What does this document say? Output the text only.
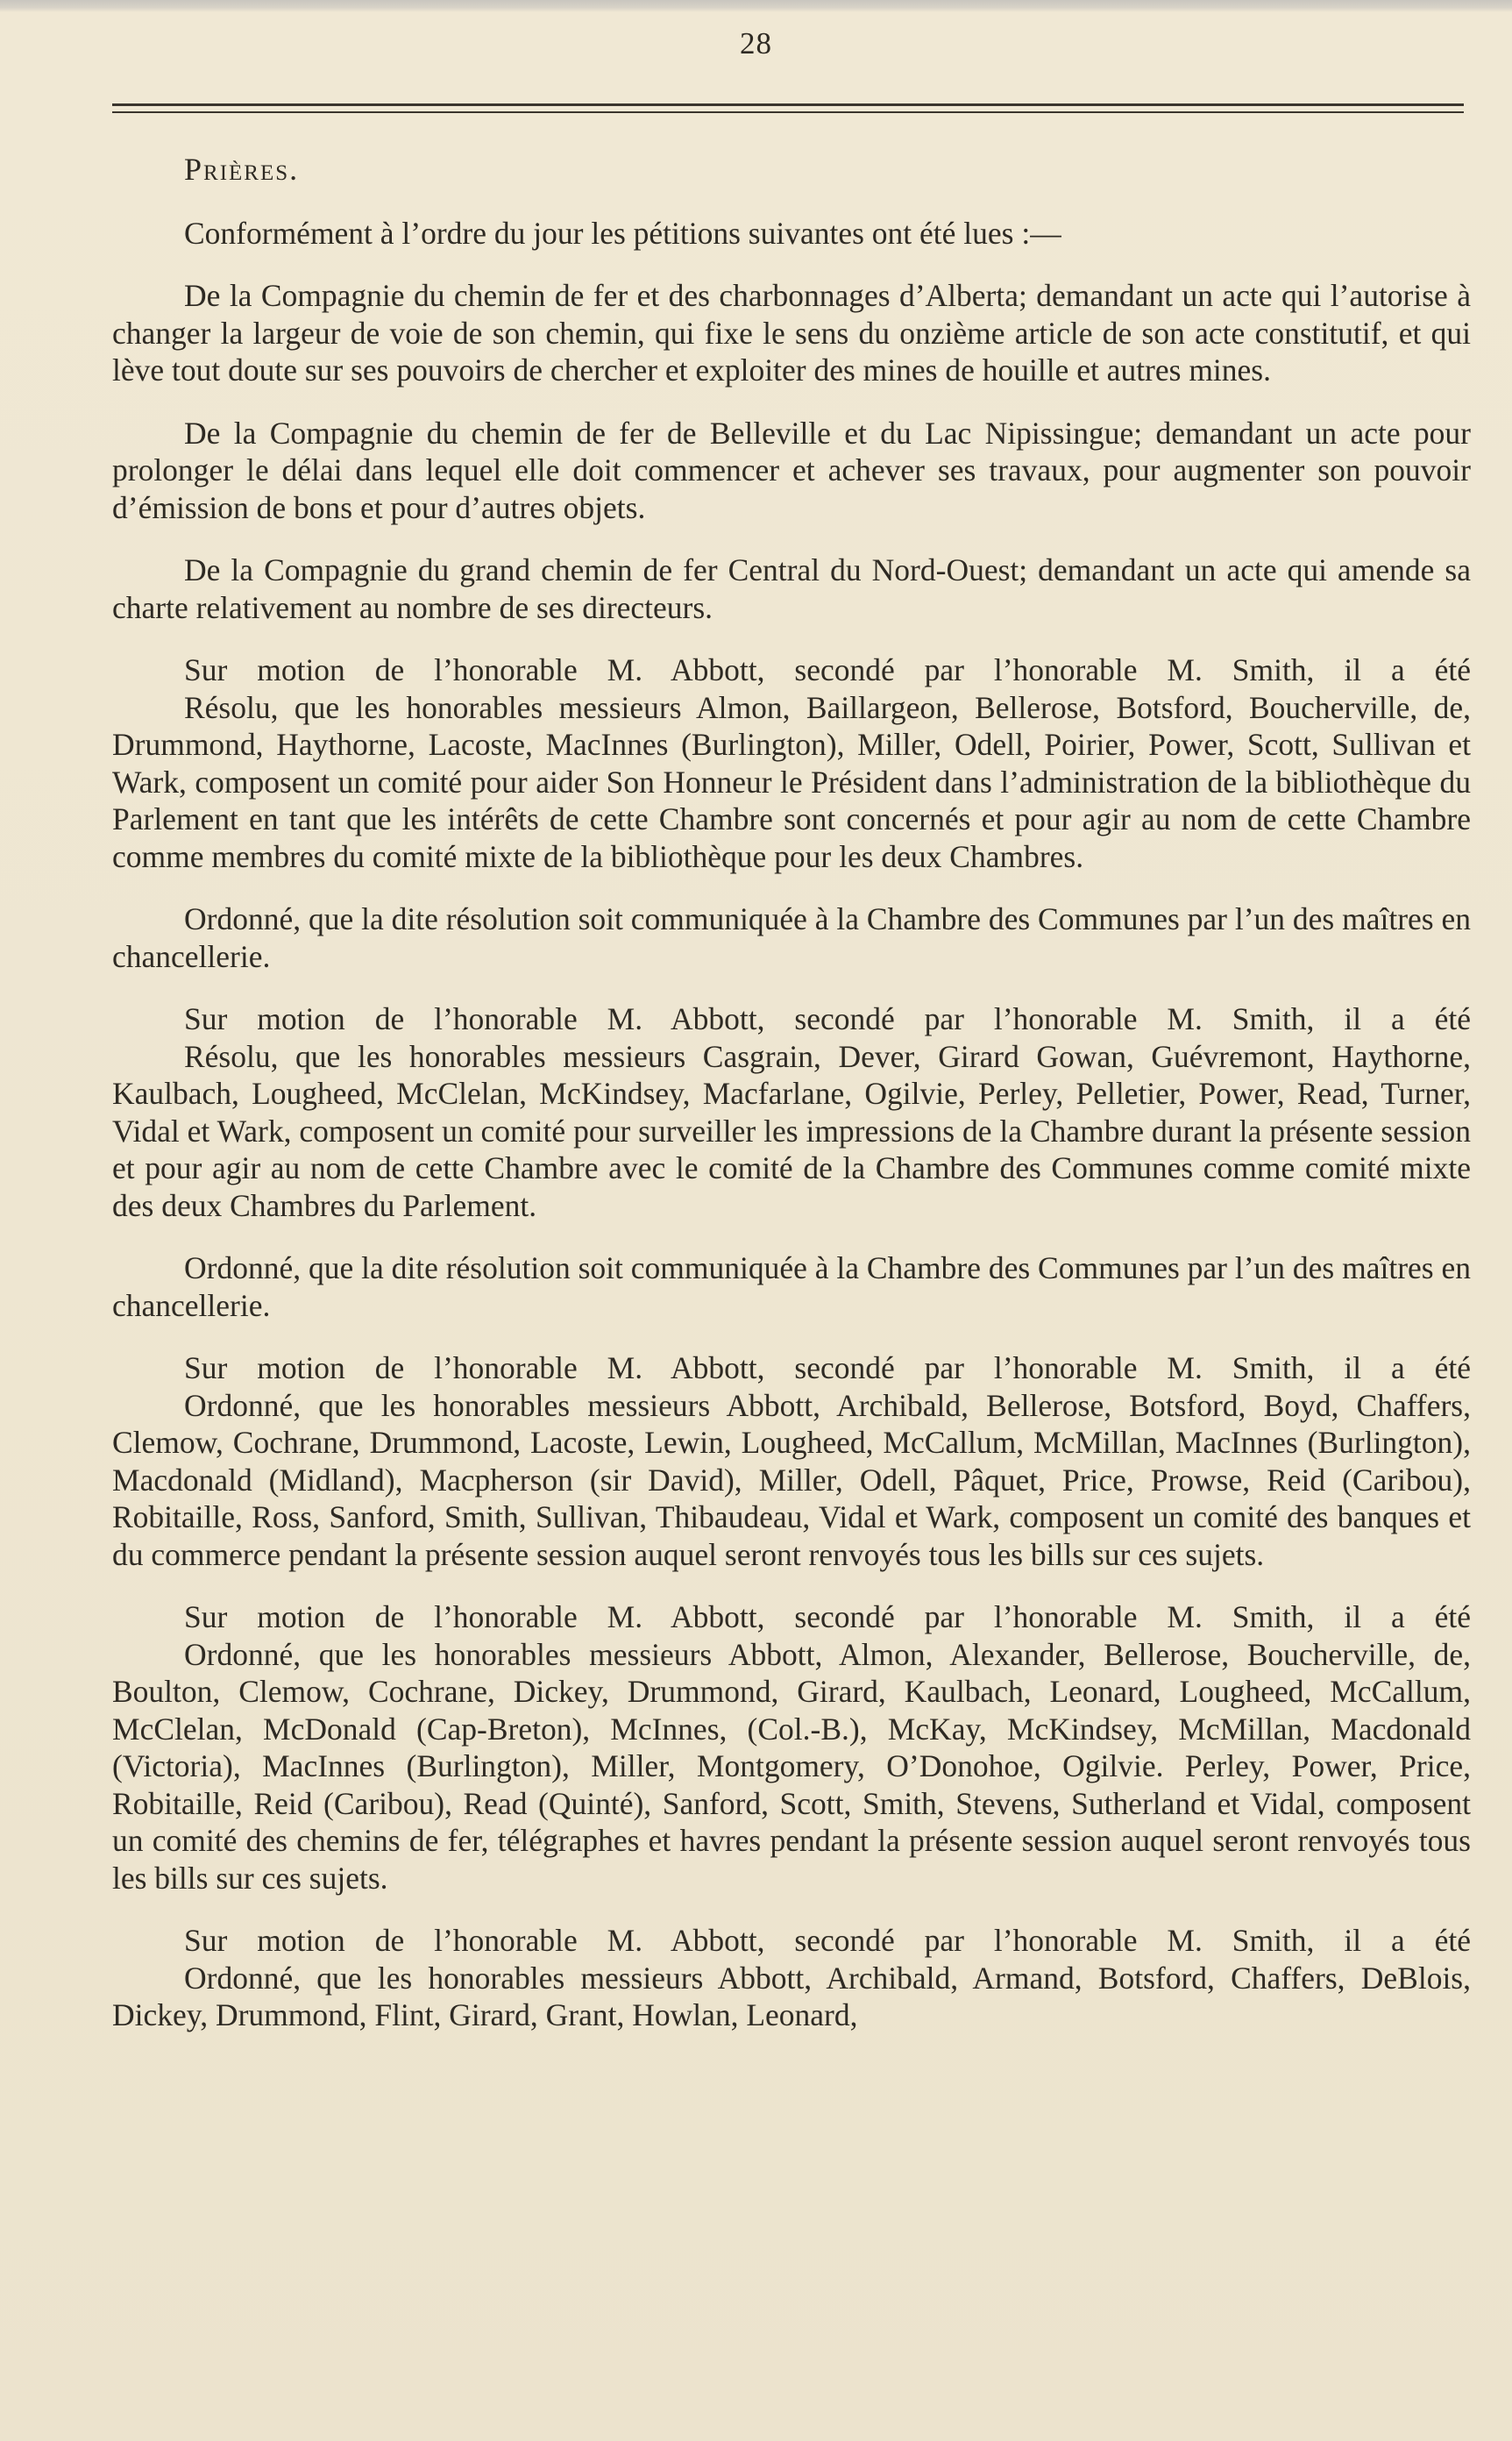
28
Prières.
Conformément à l’ordre du jour les pétitions suivantes ont été lues :—
De la Compagnie du chemin de fer et des charbonnages d’Alberta; demandant un acte qui l’autorise à changer la largeur de voie de son chemin, qui fixe le sens du onzième article de son acte constitutif, et qui lève tout doute sur ses pouvoirs de chercher et exploiter des mines de houille et autres mines.
De la Compagnie du chemin de fer de Belleville et du Lac Nipissingue; demandant un acte pour prolonger le délai dans lequel elle doit commencer et achever ses travaux, pour augmenter son pouvoir d’émission de bons et pour d’autres objets.
De la Compagnie du grand chemin de fer Central du Nord-Ouest; demandant un acte qui amende sa charte relativement au nombre de ses directeurs.
Sur motion de l’honorable M. Abbott, secondé par l’honorable M. Smith, il a été
Résolu, que les honorables messieurs Almon, Baillargeon, Bellerose, Botsford, Boucherville, de, Drummond, Haythorne, Lacoste, MacInnes (Burlington), Miller, Odell, Poirier, Power, Scott, Sullivan et Wark, composent un comité pour aider Son Honneur le Président dans l’administration de la bibliothèque du Parlement en tant que les intérêts de cette Chambre sont concernés et pour agir au nom de cette Chambre comme membres du comité mixte de la bibliothèque pour les deux Chambres.
Ordonné, que la dite résolution soit communiquée à la Chambre des Communes par l’un des maîtres en chancellerie.
Sur motion de l’honorable M. Abbott, secondé par l’honorable M. Smith, il a été
Résolu, que les honorables messieurs Casgrain, Dever, Girard Gowan, Guévremont, Haythorne, Kaulbach, Lougheed, McClelan, McKindsey, Macfarlane, Ogilvie, Perley, Pelletier, Power, Read, Turner, Vidal et Wark, composent un comité pour surveiller les impressions de la Chambre durant la présente session et pour agir au nom de cette Chambre avec le comité de la Chambre des Communes comme comité mixte des deux Chambres du Parlement.
Ordonné, que la dite résolution soit communiquée à la Chambre des Communes par l’un des maîtres en chancellerie.
Sur motion de l’honorable M. Abbott, secondé par l’honorable M. Smith, il a été
Ordonné, que les honorables messieurs Abbott, Archibald, Bellerose, Botsford, Boyd, Chaffers, Clemow, Cochrane, Drummond, Lacoste, Lewin, Lougheed, McCallum, McMillan, MacInnes (Burlington), Macdonald (Midland), Macpherson (sir David), Miller, Odell, Pâquet, Price, Prowse, Reid (Caribou), Robitaille, Ross, Sanford, Smith, Sullivan, Thibaudeau, Vidal et Wark, composent un comité des banques et du commerce pendant la présente session auquel seront renvoyés tous les bills sur ces sujets.
Sur motion de l’honorable M. Abbott, secondé par l’honorable M. Smith, il a été
Ordonné, que les honorables messieurs Abbott, Almon, Alexander, Bellerose, Boucherville, de, Boulton, Clemow, Cochrane, Dickey, Drummond, Girard, Kaulbach, Leonard, Lougheed, McCallum, McClelan, McDonald (Cap-Breton), McInnes, (Col.-B.), McKay, McKindsey, McMillan, Macdonald (Victoria), MacInnes (Burlington), Miller, Montgomery, O’Donohoe, Ogilvie. Perley, Power, Price, Robitaille, Reid (Caribou), Read (Quinté), Sanford, Scott, Smith, Stevens, Sutherland et Vidal, composent un comité des chemins de fer, télégraphes et havres pendant la présente session auquel seront renvoyés tous les bills sur ces sujets.
Sur motion de l’honorable M. Abbott, secondé par l’honorable M. Smith, il a été
Ordonné, que les honorables messieurs Abbott, Archibald, Armand, Botsford, Chaffers, DeBlois, Dickey, Drummond, Flint, Girard, Grant, Howlan, Leonard,
